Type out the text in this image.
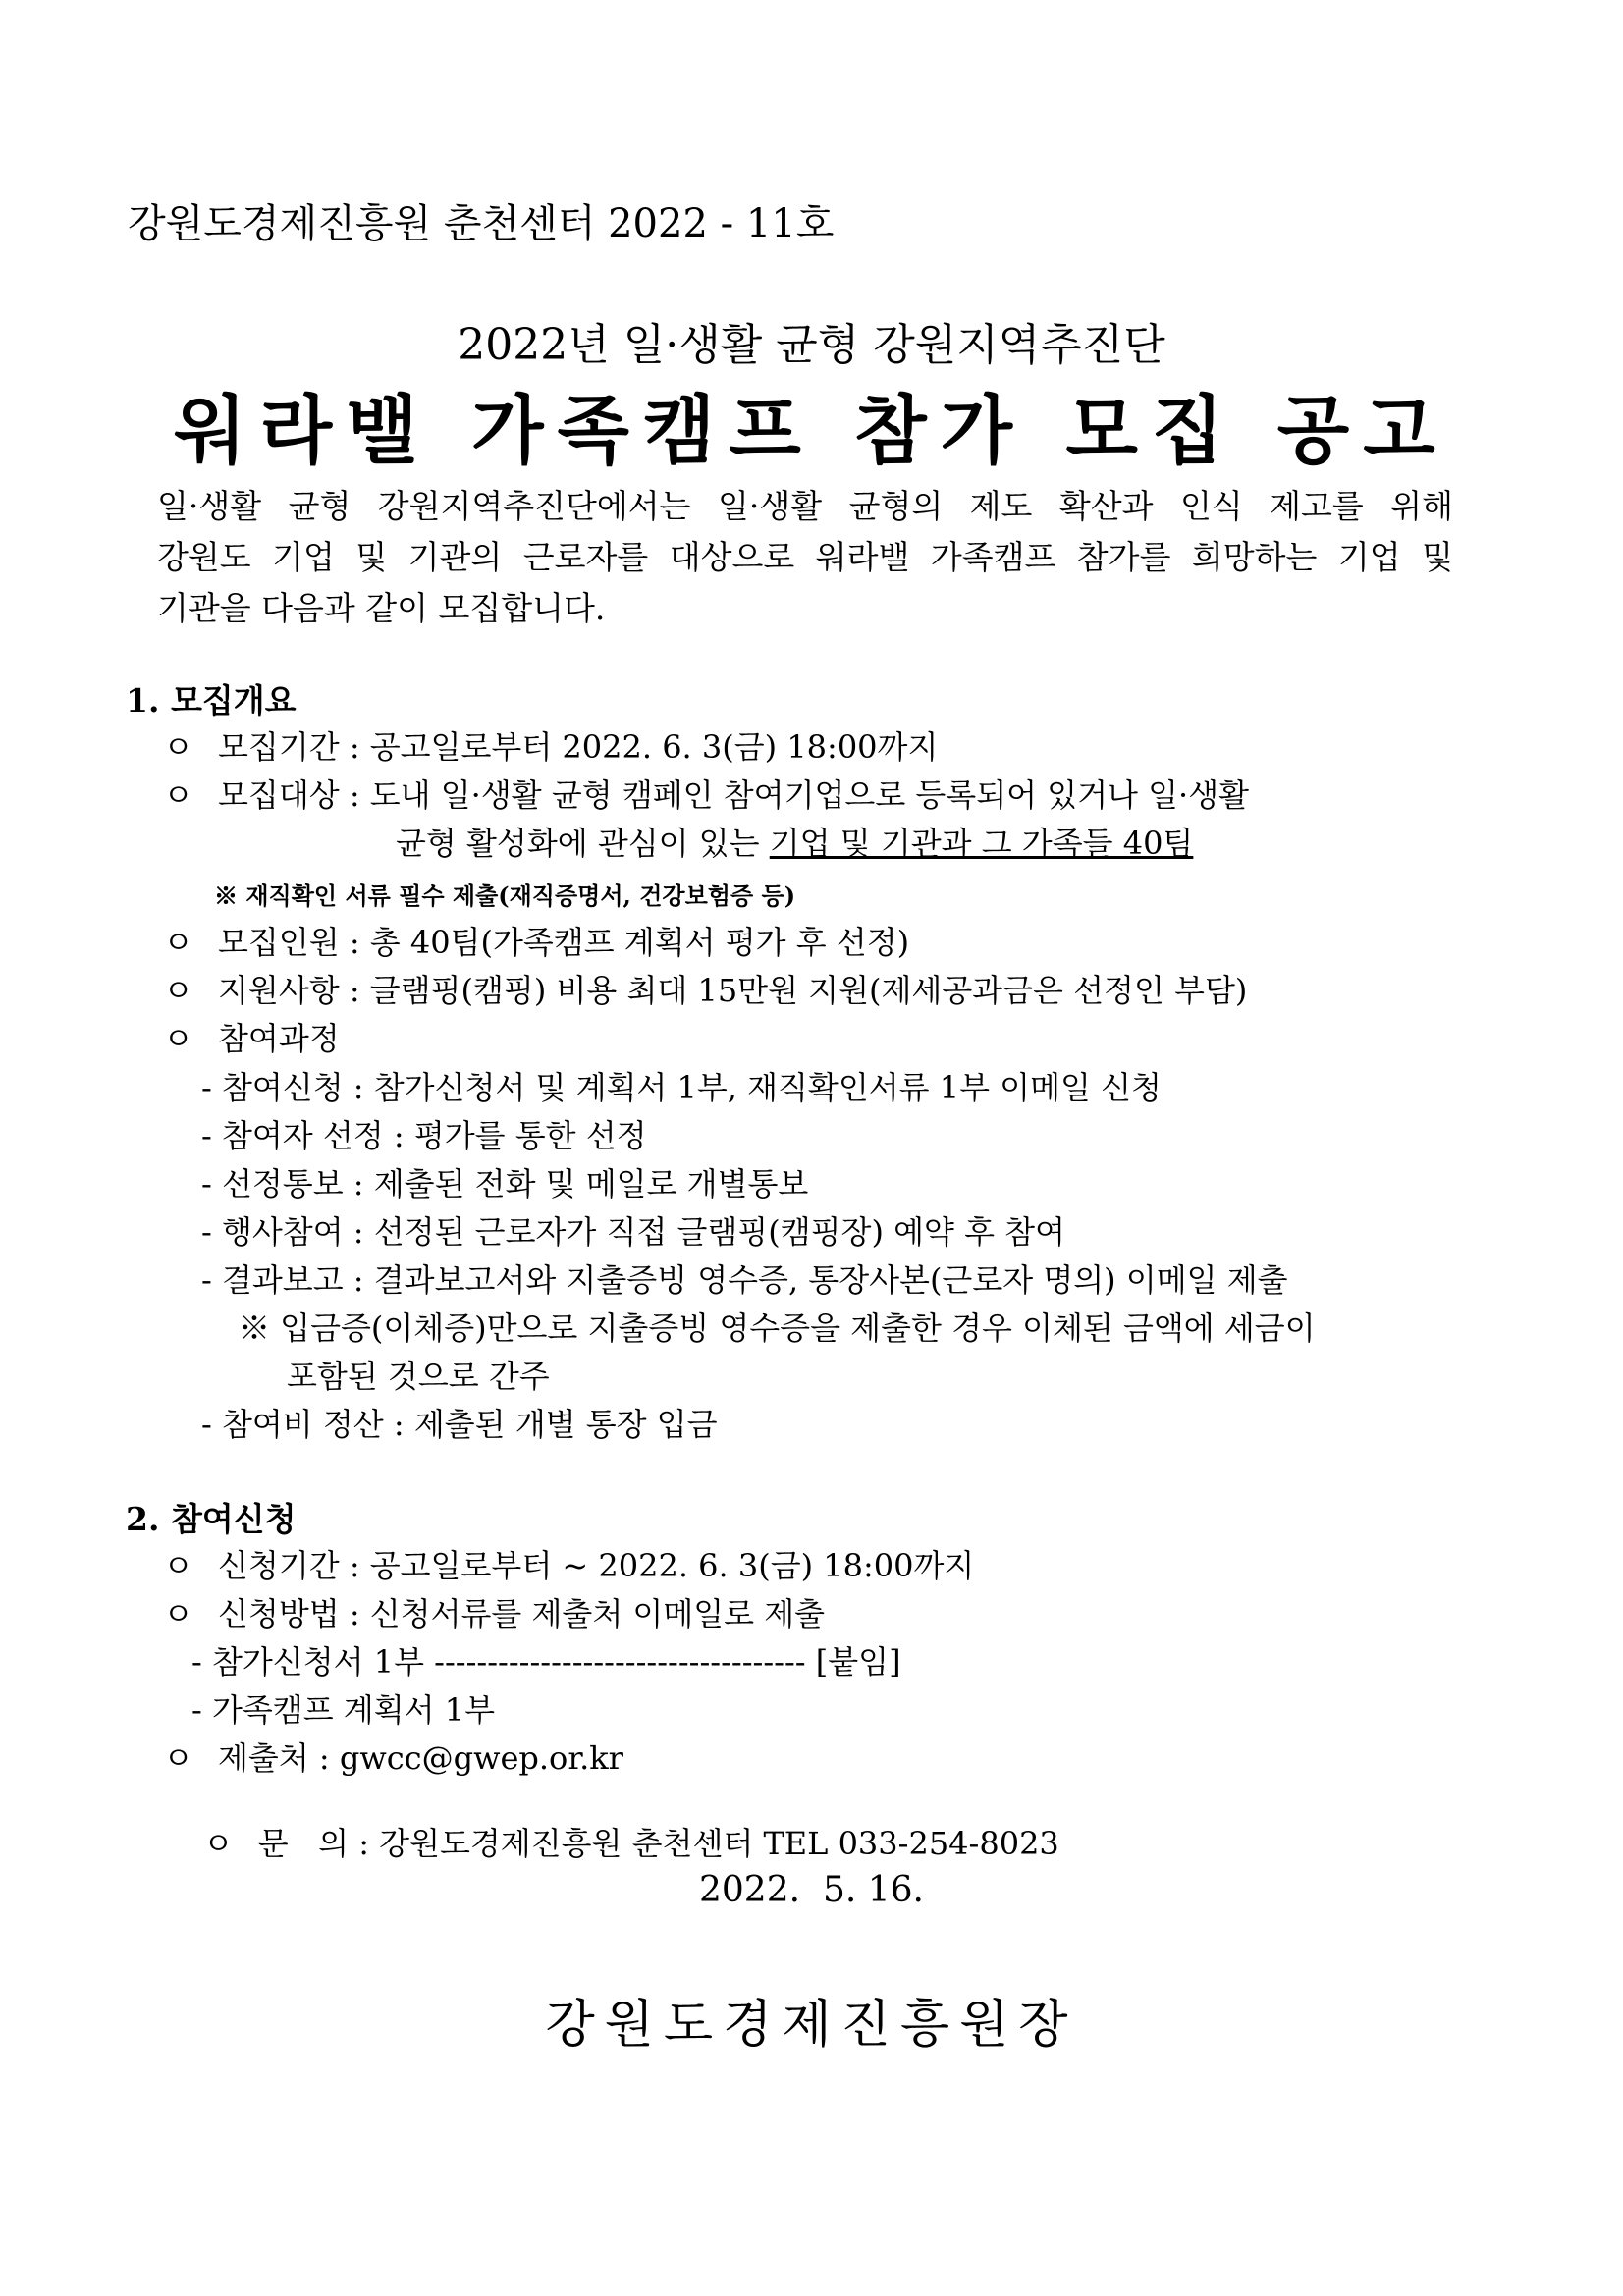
강원도경제진흥원 춘천센터 2022 - 11호
2022년 일·생활 균형 강원지역추진단
워라밸 가족캠프 참가 모집 공고
일·생활 균형 강원지역추진단에서는 일·생활 균형의 제도 확산과 인식 제고를 위해
강원도 기업 및 기관의 근로자를 대상으로 워라밸 가족캠프 참가를 희망하는 기업 및
기관을 다음과 같이 모집합니다.
1. 모집개요
ㅇ 모집기간 : 공고일로부터 2022. 6. 3(금) 18:00까지
ㅇ 모집대상 : 도내 일·생활 균형 캠페인 참여기업으로 등록되어 있거나 일·생활
균형 활성화에 관심이 있는 기업 및 기관과 그 가족들 40팀
※ 재직확인 서류 필수 제출(재직증명서, 건강보험증 등)
ㅇ 모집인원 : 총 40팀(가족캠프 계획서 평가 후 선정)
ㅇ 지원사항 : 글램핑(캠핑) 비용 최대 15만원 지원(제세공과금은 선정인 부담)
ㅇ 참여과정
- 참여신청 : 참가신청서 및 계획서 1부, 재직확인서류 1부 이메일 신청
- 참여자 선정 : 평가를 통한 선정
- 선정통보 : 제출된 전화 및 메일로 개별통보
- 행사참여 : 선정된 근로자가 직접 글램핑(캠핑장) 예약 후 참여
- 결과보고 : 결과보고서와 지출증빙 영수증, 통장사본(근로자 명의) 이메일 제출
※ 입금증(이체증)만으로 지출증빙 영수증을 제출한 경우 이체된 금액에 세금이
포함된 것으로 간주
- 참여비 정산 : 제출된 개별 통장 입금
2. 참여신청
ㅇ 신청기간 : 공고일로부터 ~ 2022. 6. 3(금) 18:00까지
ㅇ 신청방법 : 신청서류를 제출처 이메일로 제출
- 참가신청서 1부 ----------------------------------- [붙임]
- 가족캠프 계획서 1부
ㅇ 제출처 : gwcc@gwep.or.kr

ㅇ 문   의 : 강원도경제진흥원 춘천센터 TEL 033-254-8023

2022.  5. 16.
강원도경제진흥원장
